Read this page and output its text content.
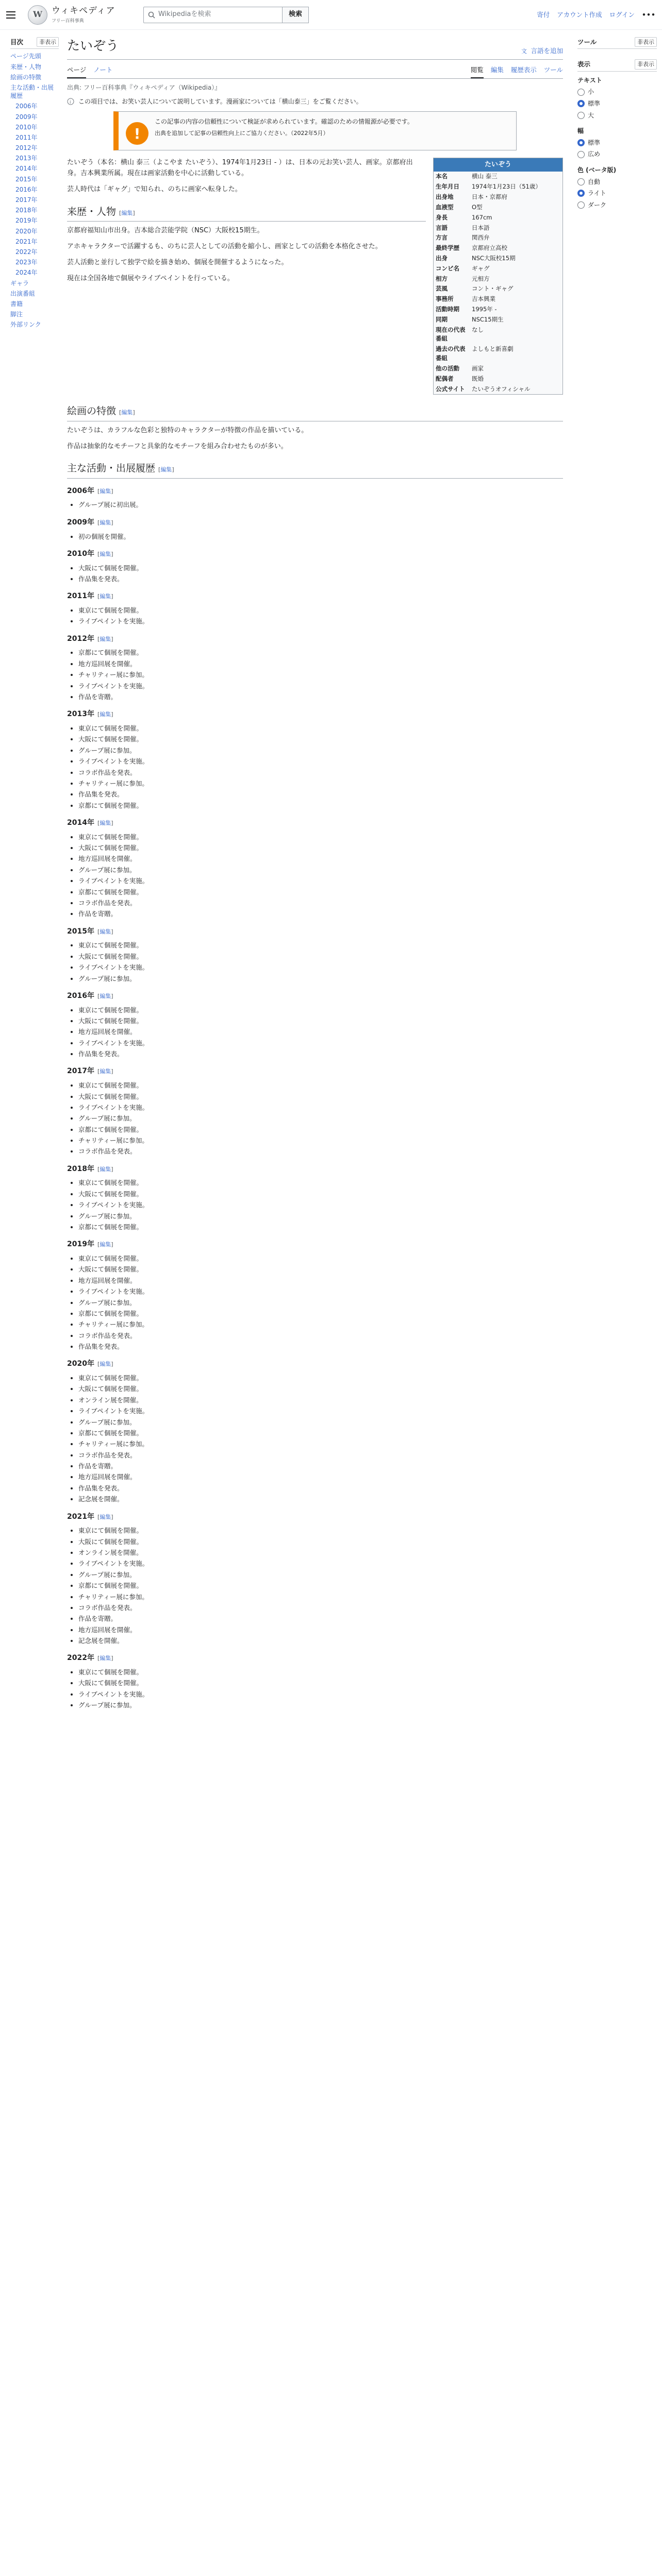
W	ウィキペディア
フリー百科事典
Wikipediaを検索	検索	寄付 アカウント作成 ログイン •••
目次	非表示
ページ先頭
来歴・人物
絵画の特徴
主な活動・出展履歴
2006年
2009年
2010年
2011年
2012年
2013年
2014年
2015年
2016年
2017年
2018年
2019年
2020年
2021年
2022年
2023年
2024年
ギャラ
出演番組
書籍
脚注
外部リンク
たいぞう	文 言語を追加
ページ ノート	閲覧 編集 履歴表示 ツール
出典: フリー百科事典『ウィキペディア（Wikipedia）』
i この項目では、お笑い芸人について説明しています。漫画家については「横山泰三」をご覧ください。
!
この記事の内容の信頼性について検証が求められています。確認のための情報源が必要です。
出典を追加して記事の信頼性向上にご協力ください。（2022年5月）

たいぞう（本名：横山 泰三（よこやま たいぞう）、1974年1月23日 - ）は、日本の元お笑い芸人、画家。京都府出身。吉本興業所属。現在は画家活動を中心に活動している。

芸人時代は「ギャグ」で知られ、のちに画家へ転身した。

来歴・人物 [編集]

京都府福知山市出身。吉本総合芸能学院（NSC）大阪校15期生。

アホキャラクターで活躍するも、のちに芸人としての活動を縮小し、画家としての活動を本格化させた。

芸人活動と並行して独学で絵を描き始め、個展を開催するようになった。

現在は全国各地で個展やライブペイントを行っている。

たいぞう
本名	横山 泰三
生年月日	1974年1月23日（51歳）
出身地	日本・京都府
血液型	O型
身長	167cm
言語	日本語
方言	関西弁
最終学歴	京都府立高校
出身	NSC大阪校15期
コンビ名	ギャグ
相方	元相方
芸風	コント・ギャグ
事務所	吉本興業
活動時期	1995年 -
同期	NSC15期生
現在の代表番組	なし
過去の代表番組	よしもと新喜劇
他の活動	画家
配偶者	既婚
公式サイト	たいぞうオフィシャル
絵画の特徴 [編集]

たいぞうは、カラフルな色彩と独特のキャラクターが特徴の作品を描いている。

作品は抽象的なモチーフと具象的なモチーフを組み合わせたものが多い。

主な活動・出展履歴 [編集]
2006年 [編集]
• グループ展に初出展。
2009年 [編集]
• 初の個展を開催。
2010年 [編集]
• 大阪にて個展を開催。
• 作品集を発表。
2011年 [編集]
• 東京にて個展を開催。
• ライブペイントを実施。
2012年 [編集]
• 京都にて個展を開催。
• 地方巡回展を開催。
• チャリティー展に参加。
• ライブペイントを実施。
• 作品を寄贈。
2013年 [編集]
• 東京にて個展を開催。
• 大阪にて個展を開催。
• グループ展に参加。
• ライブペイントを実施。
• コラボ作品を発表。
• チャリティー展に参加。
• 作品集を発表。
• 京都にて個展を開催。
2014年 [編集]
• 東京にて個展を開催。
• 大阪にて個展を開催。
• 地方巡回展を開催。
• グループ展に参加。
• ライブペイントを実施。
• 京都にて個展を開催。
• コラボ作品を発表。
• 作品を寄贈。
2015年 [編集]
• 東京にて個展を開催。
• 大阪にて個展を開催。
• ライブペイントを実施。
• グループ展に参加。
2016年 [編集]
• 東京にて個展を開催。
• 大阪にて個展を開催。
• 地方巡回展を開催。
• ライブペイントを実施。
• 作品集を発表。
2017年 [編集]
• 東京にて個展を開催。
• 大阪にて個展を開催。
• ライブペイントを実施。
• グループ展に参加。
• 京都にて個展を開催。
• チャリティー展に参加。
• コラボ作品を発表。
2018年 [編集]
• 東京にて個展を開催。
• 大阪にて個展を開催。
• ライブペイントを実施。
• グループ展に参加。
• 京都にて個展を開催。
2019年 [編集]
• 東京にて個展を開催。
• 大阪にて個展を開催。
• 地方巡回展を開催。
• ライブペイントを実施。
• グループ展に参加。
• 京都にて個展を開催。
• チャリティー展に参加。
• コラボ作品を発表。
• 作品集を発表。
2020年 [編集]
• 東京にて個展を開催。
• 大阪にて個展を開催。
• オンライン展を開催。
• ライブペイントを実施。
• グループ展に参加。
• 京都にて個展を開催。
• チャリティー展に参加。
• コラボ作品を発表。
• 作品を寄贈。
• 地方巡回展を開催。
• 作品集を発表。
• 記念展を開催。
2021年 [編集]
• 東京にて個展を開催。
• 大阪にて個展を開催。
• オンライン展を開催。
• ライブペイントを実施。
• グループ展に参加。
• 京都にて個展を開催。
• チャリティー展に参加。
• コラボ作品を発表。
• 作品を寄贈。
• 地方巡回展を開催。
• 記念展を開催。
2022年 [編集]
• 東京にて個展を開催。
• 大阪にて個展を開催。
• ライブペイントを実施。
• グループ展に参加。
ツール	非表示
表示	非表示
テキスト
小
標準
大
幅
標準
広め
色 (ベータ版)
自動
ライト
ダーク
